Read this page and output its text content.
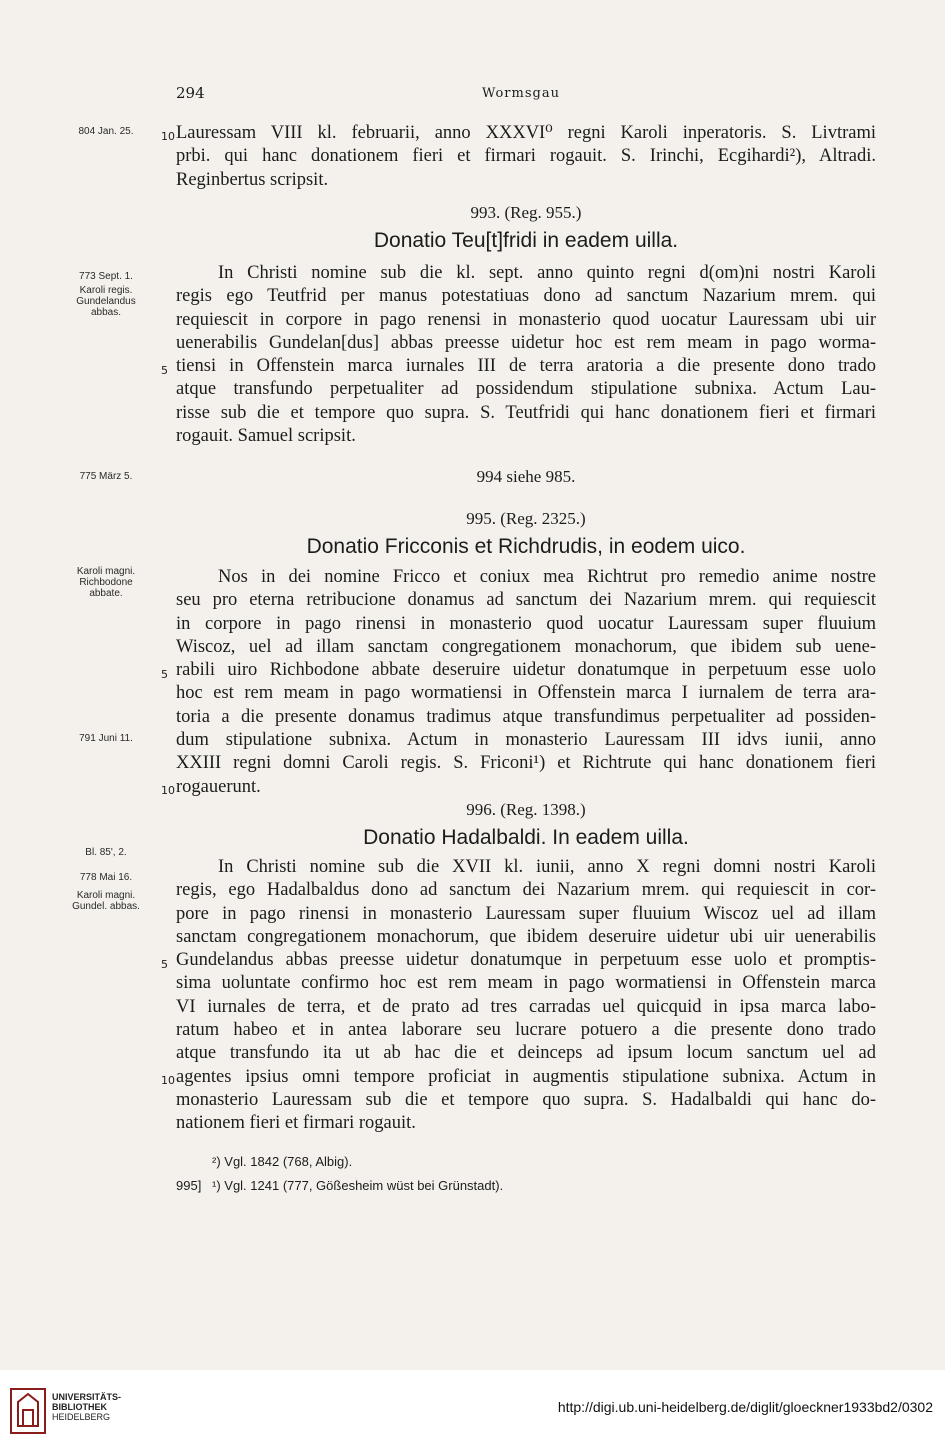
294	Wormsgau
804 Jan. 25.
773 Sept. 1.
Karoli regis.
Gundelandus
abbas.
775 März 5.
Karoli magni.
Richbodone
abbate.
791 Juni 11.
Bl. 85', 2.
778 Mai 16.
Karoli magni.
Gundel. abbas.
10 Lauressam VIII kl. februarii, anno XXXVI⁰ regni Karoli inperatoris. S. Livtrami
prbi. qui hanc donationem fieri et firmari rogauit. S. Irinchi, Ecgihardi²), Altradi.
Reginbertus scripsit.
993. (Reg. 955.)
Donatio Teu[t]fridi in eadem uilla.
5
In Christi nomine sub die kl. sept. anno quinto regni d(om)ni nostri Karoli
regis ego Teutfrid per manus potestatiuas dono ad sanctum Nazarium mrem. qui
requiescit in corpore in pago renensi in monasterio quod uocatur Lauressam ubi uir
uenerabilis Gundelan[dus] abbas preesse uidetur hoc est rem meam in pago worma-
tiensi in Offenstein marca iurnales III de terra aratoria a die presente dono trado
atque transfundo perpetualiter ad possidendum stipulatione subnixa. Actum Lau-
risse sub die et tempore quo supra. S. Teutfridi qui hanc donationem fieri et firmari
rogauit. Samuel scripsit.
994 siehe 985.
995. (Reg. 2325.)
Donatio Fricconis et Richdrudis, in eodem uico.
5
10
Nos in dei nomine Fricco et coniux mea Richtrut pro remedio anime nostre
seu pro eterna retribucione donamus ad sanctum dei Nazarium mrem. qui requiescit
in corpore in pago rinensi in monasterio quod uocatur Lauressam super fluuium
Wiscoz, uel ad illam sanctam congregationem monachorum, que ibidem sub uene-
rabili uiro Richbodone abbate deseruire uidetur donatumque in perpetuum esse uolo
hoc est rem meam in pago wormatiensi in Offenstein marca I iurnalem de terra ara-
toria a die presente donamus tradimus atque transfundimus perpetualiter ad possiden-
dum stipulatione subnixa. Actum in monasterio Lauressam III idvs iunii, anno
XXIII regni domni Caroli regis. S. Friconi¹) et Richtrute qui hanc donationem fieri
rogauerunt.
996. (Reg. 1398.)
Donatio Hadalbaldi. In eadem uilla.
5
10
In Christi nomine sub die XVII kl. iunii, anno X regni domni nostri Karoli
regis, ego Hadalbaldus dono ad sanctum dei Nazarium mrem. qui requiescit in cor-
pore in pago rinensi in monasterio Lauressam super fluuium Wiscoz uel ad illam
sanctam congregationem monachorum, que ibidem deseruire uidetur ubi uir uenerabilis
Gundelandus abbas preesse uidetur donatumque in perpetuum esse uolo et promptis-
sima uoluntate confirmo hoc est rem meam in pago wormatiensi in Offenstein marca
VI iurnales de terra, et de prato ad tres carradas uel quicquid in ipsa marca labo-
ratum habeo et in antea laborare seu lucrare potuero a die presente dono trado
atque transfundo ita ut ab hac die et deinceps ad ipsum locum sanctum uel ad
agentes ipsius omni tempore proficiat in augmentis stipulatione subnixa. Actum in
monasterio Lauressam sub die et tempore quo supra. S. Hadalbaldi qui hanc do-
nationem fieri et firmari rogauit.
²) Vgl. 1842 (768, Albig).
995] ¹) Vgl. 1241 (777, Gößesheim wüst bei Grünstadt).
UNIVERSITÄTS-
BIBLIOTHEK
HEIDELBERG
http://digi.ub.uni-heidelberg.de/diglit/gloeckner1933bd2/0302
